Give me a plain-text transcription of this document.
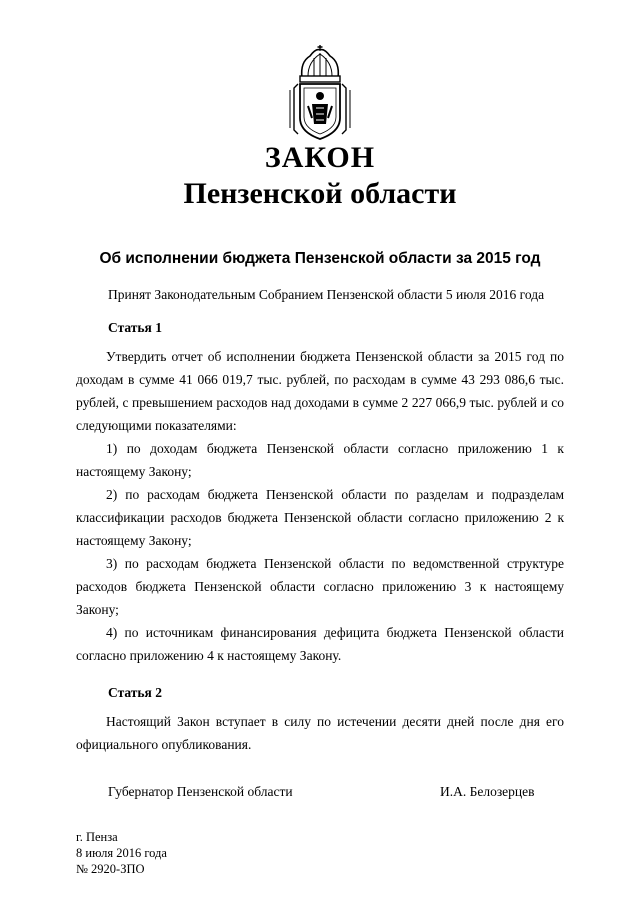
ЗАКОН
Пензенской области
Об исполнении бюджета Пензенской области за 2015 год
Принят Законодательным Собранием Пензенской области 5 июля 2016 года
Статья 1

Утвердить отчет об исполнении бюджета Пензенской области за 2015 год по доходам в сумме 41 066 019,7 тыс. рублей, по расходам в сумме 43 293 086,6 тыс. рублей, с превышением расходов над доходами в сумме 2 227 066,9 тыс. рублей и со следующими показателями:

1) по доходам бюджета Пензенской области согласно приложению 1 к настоящему Закону;

2) по расходам бюджета Пензенской области по разделам и подразделам классификации расходов бюджета Пензенской области согласно приложению 2 к настоящему Закону;

3) по расходам бюджета Пензенской области по ведомственной структуре расходов бюджета Пензенской области согласно приложению 3 к настоящему Закону;

4) по источникам финансирования дефицита бюджета Пензенской области согласно приложению 4 к настоящему Закону.

Статья 2

Настоящий Закон вступает в силу по истечении десяти дней после дня его официального опубликования.

Губернатор Пензенской области	И.А. Белозерцев
г. Пенза
8 июля 2016 года
№ 2920-ЗПО
